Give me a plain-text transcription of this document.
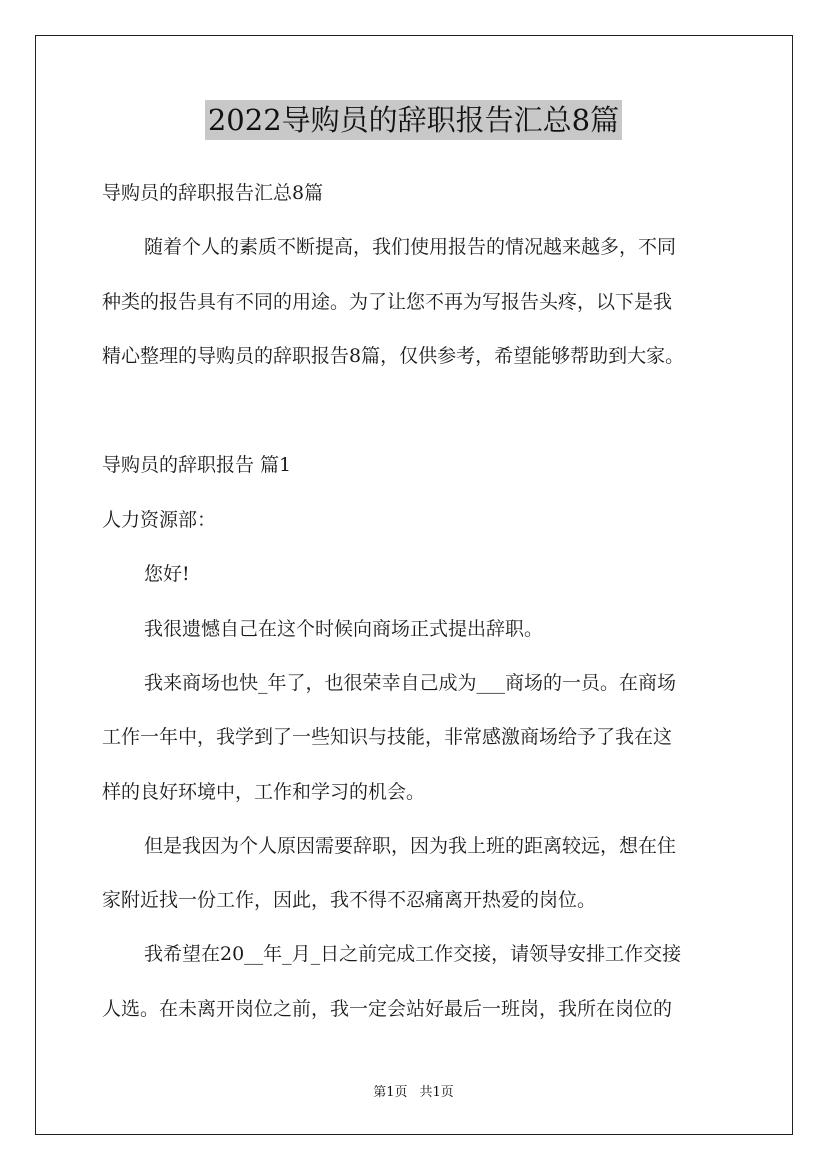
2022导购员的辞职报告汇总8篇
导购员的辞职报告汇总8篇
随着个人的素质不断提高，我们使用报告的情况越来越多，不同
种类的报告具有不同的用途。为了让您不再为写报告头疼，以下是我
精心整理的导购员的辞职报告8篇，仅供参考，希望能够帮助到大家。
导购员的辞职报告 篇1
人力资源部：
您好!
我很遗憾自己在这个时候向商场正式提出辞职。
我来商场也快_年了，也很荣幸自己成为___商场的一员。在商场
工作一年中，我学到了一些知识与技能，非常感激商场给予了我在这
样的良好环境中，工作和学习的机会。
但是我因为个人原因需要辞职，因为我上班的距离较远，想在住
家附近找一份工作，因此，我不得不忍痛离开热爱的岗位。
我希望在20__年_月_日之前完成工作交接，请领导安排工作交接
人选。在未离开岗位之前，我一定会站好最后一班岗，我所在岗位的
第1页 共1页
